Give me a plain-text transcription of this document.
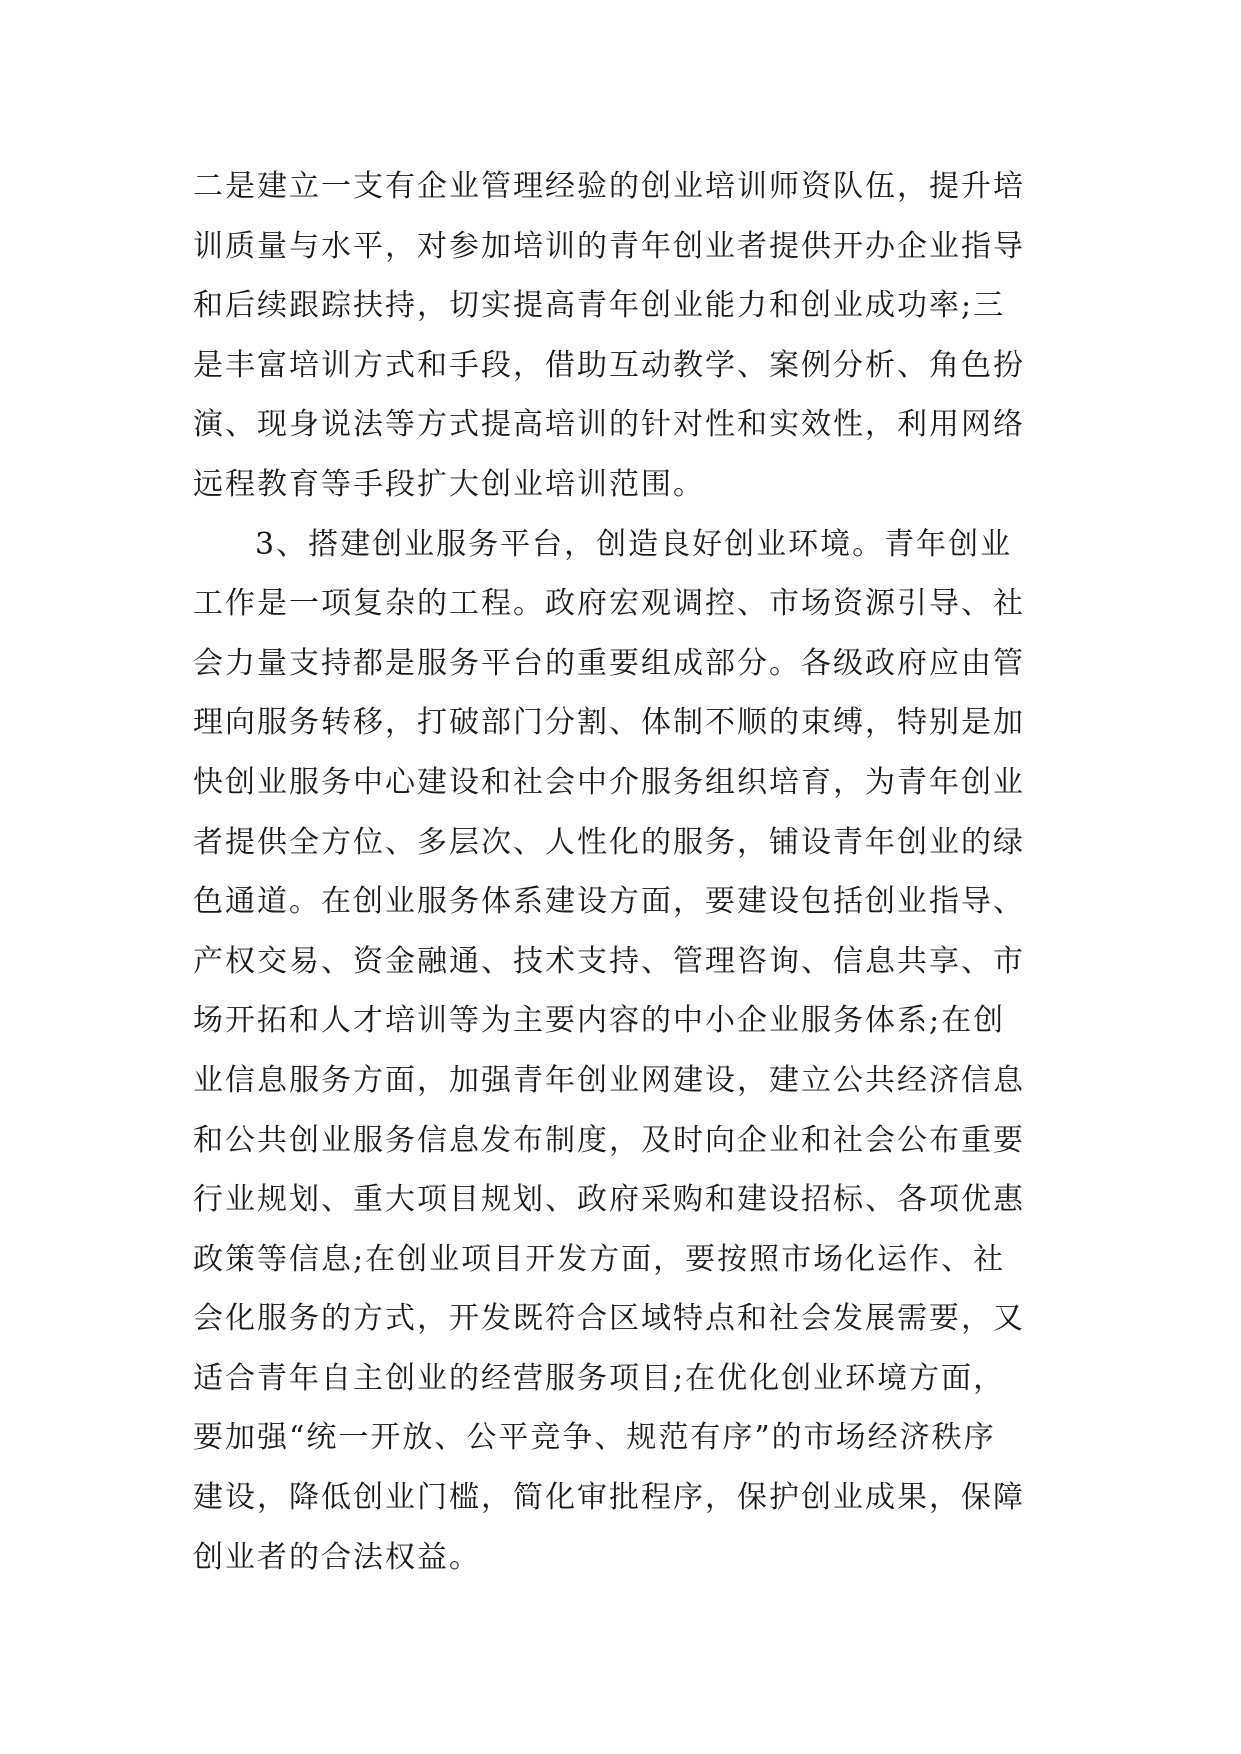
二是建立一支有企业管理经验的创业培训师资队伍，提升培
训质量与水平，对参加培训的青年创业者提供开办企业指导
和后续跟踪扶持，切实提高青年创业能力和创业成功率;三
是丰富培训方式和手段，借助互动教学、案例分析、角色扮
演、现身说法等方式提高培训的针对性和实效性，利用网络
远程教育等手段扩大创业培训范围。
3、搭建创业服务平台，创造良好创业环境。青年创业
工作是一项复杂的工程。政府宏观调控、市场资源引导、社
会力量支持都是服务平台的重要组成部分。各级政府应由管
理向服务转移，打破部门分割、体制不顺的束缚，特别是加
快创业服务中心建设和社会中介服务组织培育，为青年创业
者提供全方位、多层次、人性化的服务，铺设青年创业的绿
色通道。在创业服务体系建设方面，要建设包括创业指导、
产权交易、资金融通、技术支持、管理咨询、信息共享、市
场开拓和人才培训等为主要内容的中小企业服务体系;在创
业信息服务方面，加强青年创业网建设，建立公共经济信息
和公共创业服务信息发布制度，及时向企业和社会公布重要
行业规划、重大项目规划、政府采购和建设招标、各项优惠
政策等信息;在创业项目开发方面，要按照市场化运作、社
会化服务的方式，开发既符合区域特点和社会发展需要，又
适合青年自主创业的经营服务项目;在优化创业环境方面，
要加强“统一开放、公平竞争、规范有序”的市场经济秩序
建设，降低创业门槛，简化审批程序，保护创业成果，保障
创业者的合法权益。
